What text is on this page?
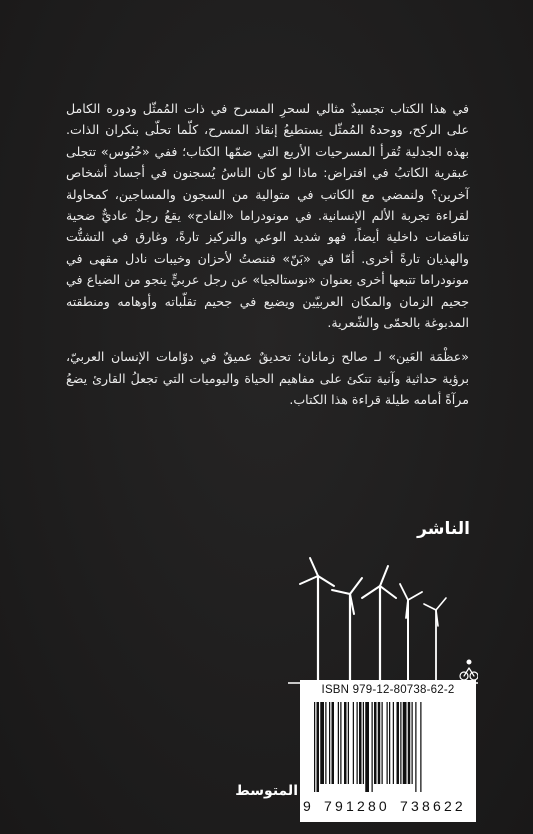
في هذا الكتاب تجسيدٌ مثالي لسحرِ المسرح في ذات المُمثّل ودوره الكامل على الركح، ووحدهُ المُمثّل يستطيعُ إنقاذ المسرح، كلّما تحلّى بنكران الذات. بهذه الجدلية تُقرأ المسرحيات الأربع التي ضمّها الكتاب؛ ففي «حُبُوس» تتجلى عبقرية الكاتبُ في افتراض: ماذا لو كان الناسُ يُسجنون في أجساد أشخاص آخرين؟ ولنمضي مع الكاتب في متوالية من السجون والمساجين، كمحاولة لقراءة تجربة الألم الإنسانية. في مونودراما «الفادح» يقعُ رجلٌ عاديٌّ ضحية تناقضات داخلية أيضاً، فهو شديد الوعي والتركيز تارةً، وغارق في التشتُّت والهذيان تارةً أخرى. أمّا في «بَنّ» فننصتُ لأحزان وخيبات نادل مقهى في مونودراما تتبعها أخرى بعنوان «نوستالجيا» عن رجل عربيٍّ ينجو من الضياع في جحيم الزمان والمكان العربيّين ويضيع في جحيم تقلّباته وأوهامه ومنطقته المدبوغة بالحمّى والشّعرية.

«عظْمَة العَين» لـ صالح زمانان؛ تحديقٌ عميقٌ في دوّامات الإنسان العربيّ، برؤية حداثية وآنية تتكئ على مفاهيم الحياة واليوميات التي تجعلُ القارئ يضعُ مرآةً أمامه طيلة قراءة هذا الكتاب.

الناشر
ISBN 979-12-80738-62-2
9 791280 738622
المتوسط
